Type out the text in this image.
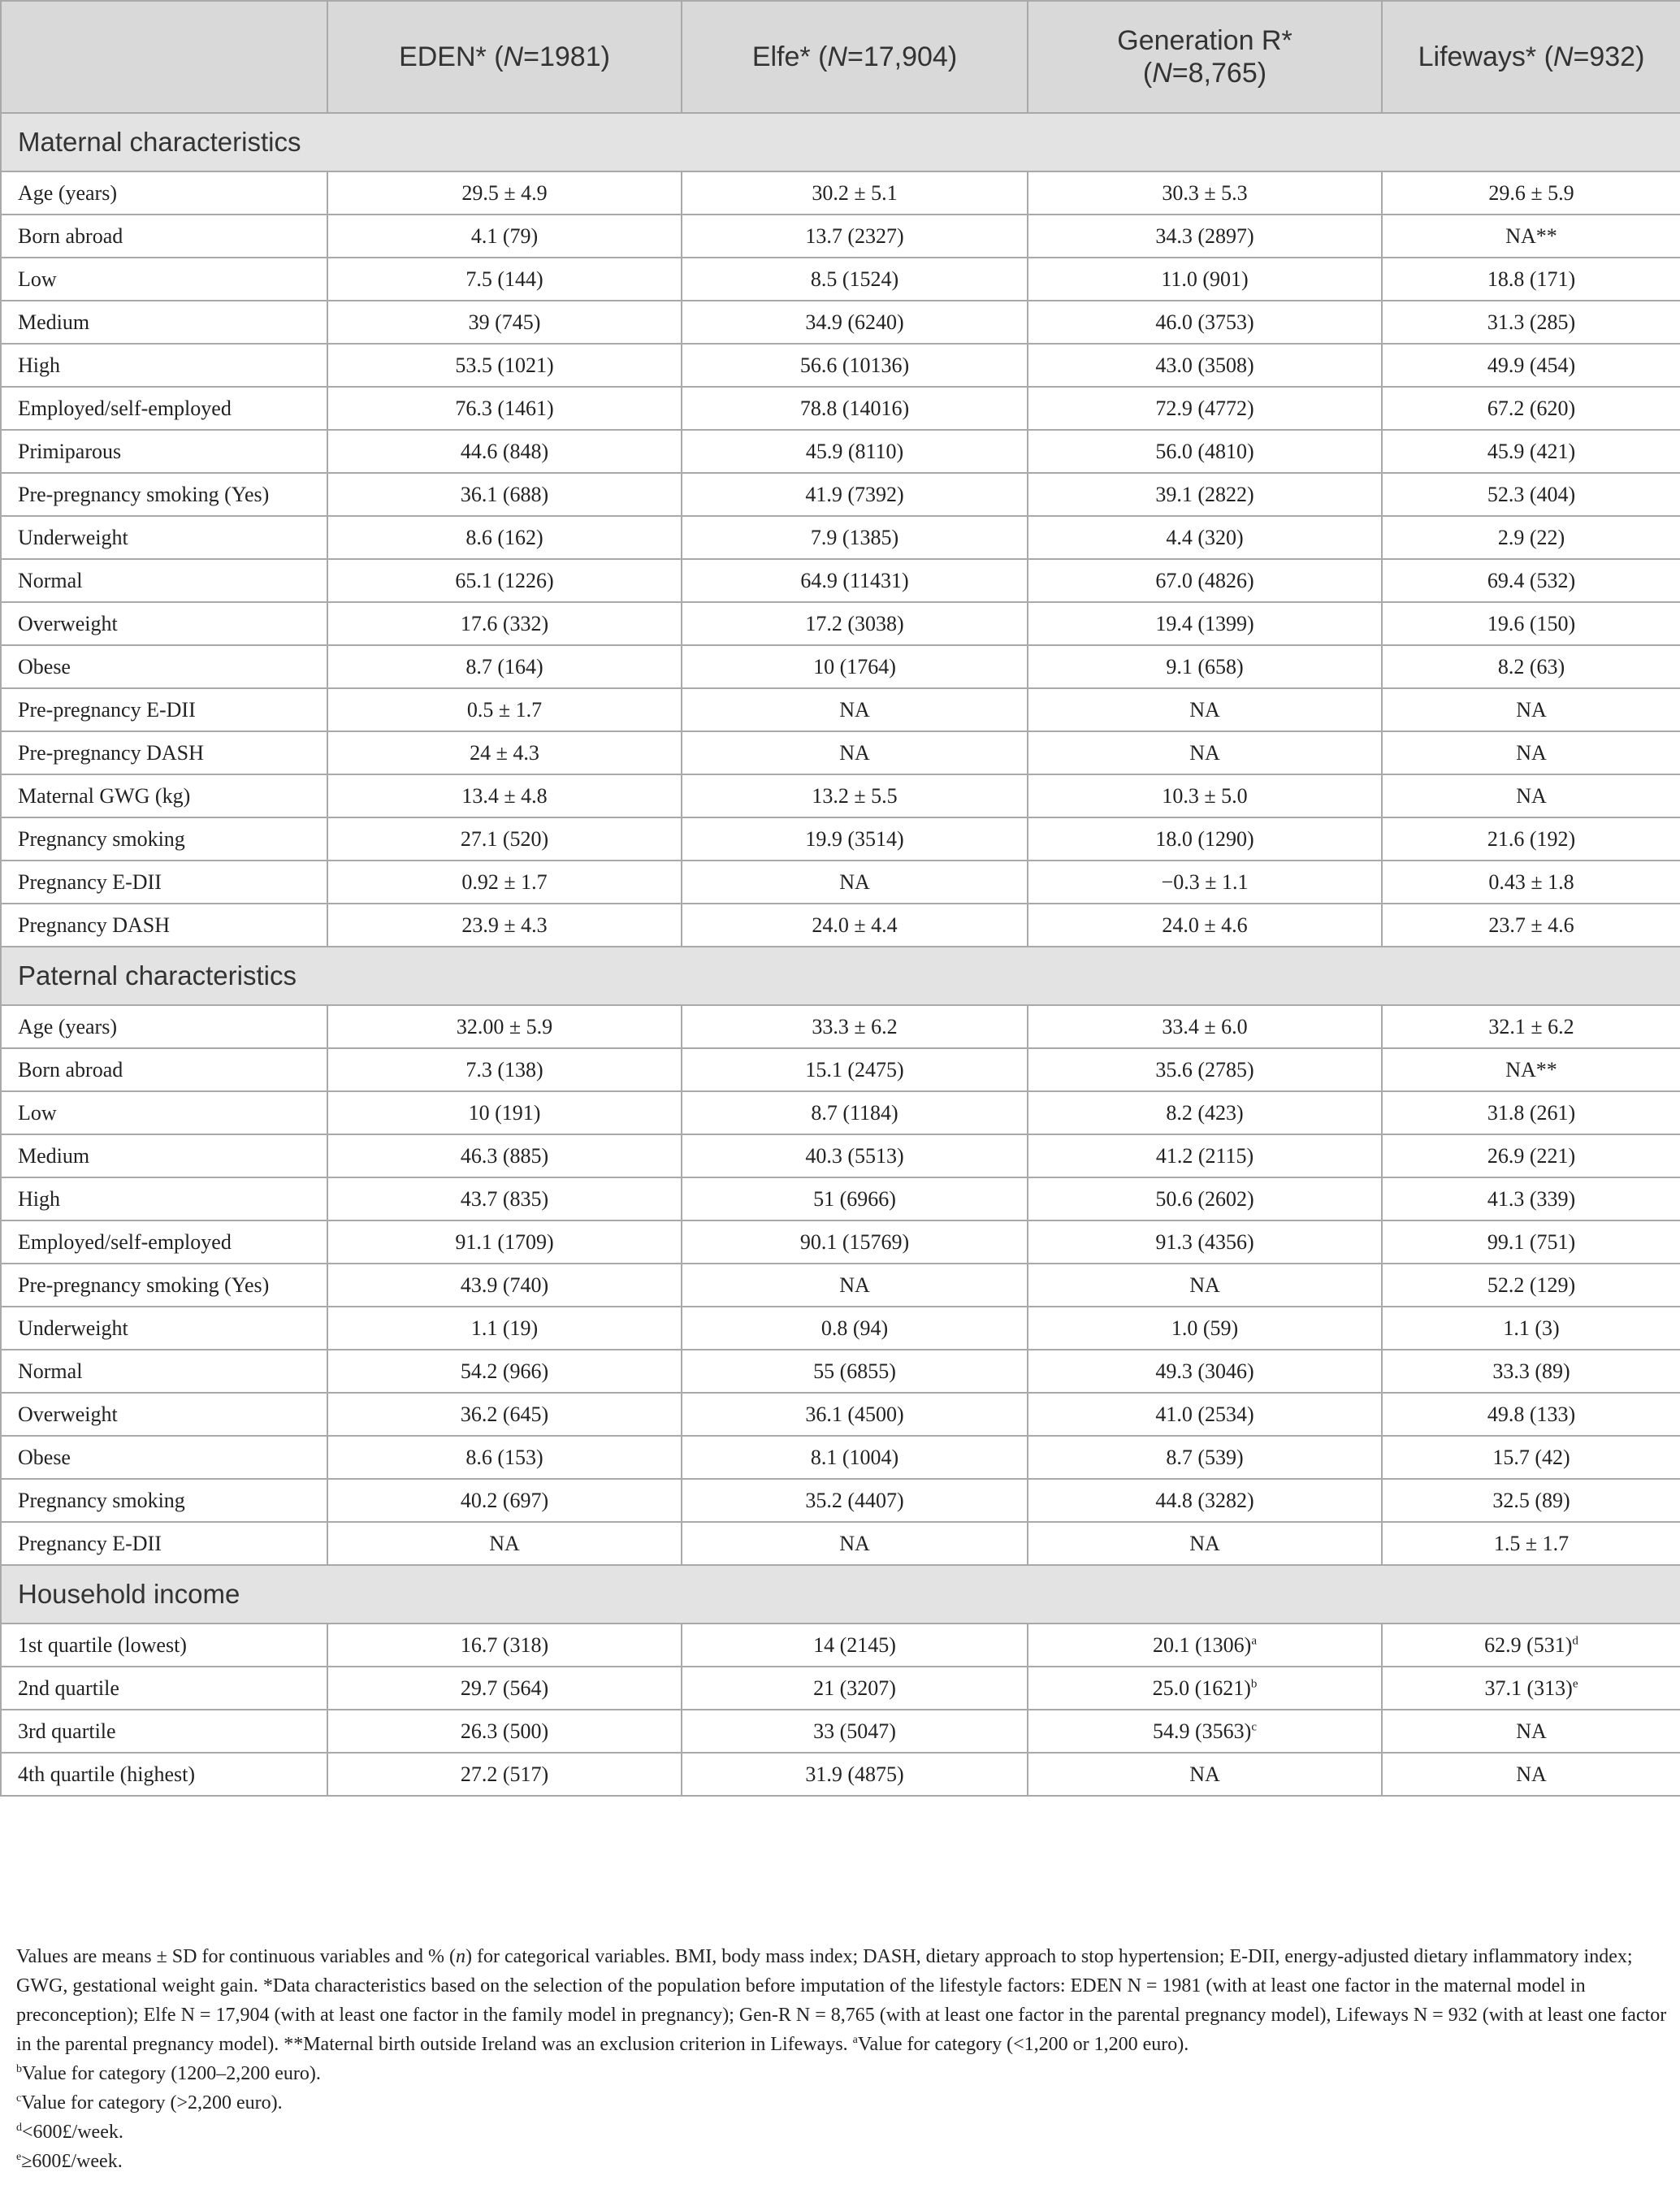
	EDEN* (N=1981)	Elfe* (N=17,904)	Generation R*
(N=8,765)	Lifeways* (N=932)
Maternal characteristics				
Age (years)	29.5 ± 4.9	30.2 ± 5.1	30.3 ± 5.3	29.6 ± 5.9
Born abroad	4.1 (79)	13.7 (2327)	34.3 (2897)	NA**
Low	7.5 (144)	8.5 (1524)	11.0 (901)	18.8 (171)
Medium	39 (745)	34.9 (6240)	46.0 (3753)	31.3 (285)
High	53.5 (1021)	56.6 (10136)	43.0 (3508)	49.9 (454)
Employed/self-employed	76.3 (1461)	78.8 (14016)	72.9 (4772)	67.2 (620)
Primiparous	44.6 (848)	45.9 (8110)	56.0 (4810)	45.9 (421)
Pre-pregnancy smoking (Yes)	36.1 (688)	41.9 (7392)	39.1 (2822)	52.3 (404)
Underweight	8.6 (162)	7.9 (1385)	4.4 (320)	2.9 (22)
Normal	65.1 (1226)	64.9 (11431)	67.0 (4826)	69.4 (532)
Overweight	17.6 (332)	17.2 (3038)	19.4 (1399)	19.6 (150)
Obese	8.7 (164)	10 (1764)	9.1 (658)	8.2 (63)
Pre-pregnancy E-DII	0.5 ± 1.7	NA	NA	NA
Pre-pregnancy DASH	24 ± 4.3	NA	NA	NA
Maternal GWG (kg)	13.4 ± 4.8	13.2 ± 5.5	10.3 ± 5.0	NA
Pregnancy smoking	27.1 (520)	19.9 (3514)	18.0 (1290)	21.6 (192)
Pregnancy E-DII	0.92 ± 1.7	NA	−0.3 ± 1.1	0.43 ± 1.8
Pregnancy DASH	23.9 ± 4.3	24.0 ± 4.4	24.0 ± 4.6	23.7 ± 4.6
Paternal characteristics				
Age (years)	32.00 ± 5.9	33.3 ± 6.2	33.4 ± 6.0	32.1 ± 6.2
Born abroad	7.3 (138)	15.1 (2475)	35.6 (2785)	NA**
Low	10 (191)	8.7 (1184)	8.2 (423)	31.8 (261)
Medium	46.3 (885)	40.3 (5513)	41.2 (2115)	26.9 (221)
High	43.7 (835)	51 (6966)	50.6 (2602)	41.3 (339)
Employed/self-employed	91.1 (1709)	90.1 (15769)	91.3 (4356)	99.1 (751)
Pre-pregnancy smoking (Yes)	43.9 (740)	NA	NA	52.2 (129)
Underweight	1.1 (19)	0.8 (94)	1.0 (59)	1.1 (3)
Normal	54.2 (966)	55 (6855)	49.3 (3046)	33.3 (89)
Overweight	36.2 (645)	36.1 (4500)	41.0 (2534)	49.8 (133)
Obese	8.6 (153)	8.1 (1004)	8.7 (539)	15.7 (42)
Pregnancy smoking	40.2 (697)	35.2 (4407)	44.8 (3282)	32.5 (89)
Pregnancy E-DII	NA	NA	NA	1.5 ± 1.7
Household income				
1st quartile (lowest)	16.7 (318)	14 (2145)	20.1 $(1306)^a$	62.9 $(531)^d$
2nd quartile	29.7 (564)	21 (3207)	25.0 $(1621)^b$	37.1 $(313)^e$
3rd quartile	26.3 (500)	33 (5047)	54.9 $(3563)^c$	NA
4th quartile (highest)	27.2 (517)	31.9 (4875)	NA	NA

Values are means ± SD for continuous variables and % (n) for categorical variables. BMI, body mass index; DASH, dietary approach to stop hypertension; E-DII, energy-adjusted dietary inflammatory index; GWG, gestational weight gain. *Data characteristics based on the selection of the population before imputation of the lifestyle factors: EDEN N = 1981 (with at least one factor in the maternal model in preconception); Elfe N = 17,904 (with at least one factor in the family model in pregnancy); Gen-R N = 8,765 (with at least one factor in the parental pregnancy model), Lifeways N = 932 (with at least one factor in the parental pregnancy model). **Maternal birth outside Ireland was an exclusion criterion in Lifeways. $^a$Value for category (<1,200 or 1,200 euro).

$^b$Value for category (1200–2,200 euro).

$^c$Value for category (>2,200 euro).

$^d$<600£/week.

$^e$≥600£/week.
